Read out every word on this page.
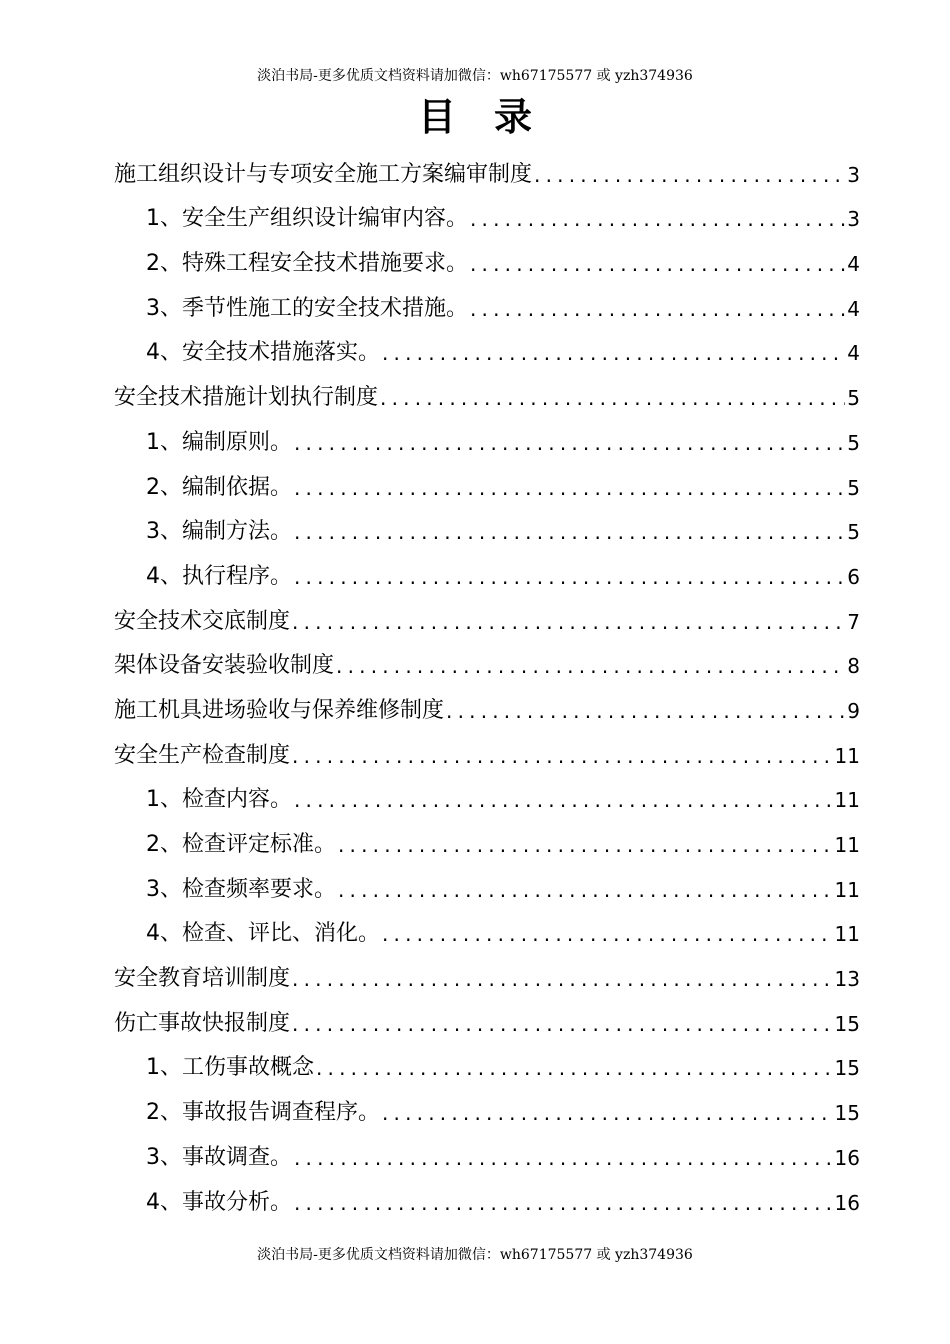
淡泊书局-更多优质文档资料请加微信：wh67175577 或 yzh374936
目录
施工组织设计与专项安全施工方案编审制度 .....	3
1、安全生产组织设计编审内容。 .....	3
2、特殊工程安全技术措施要求。 .....	4
3、季节性施工的安全技术措施。 .....	4
4、安全技术措施落实。 .....	4
安全技术措施计划执行制度 .....	5
1、编制原则。 .....	5
2、编制依据。 .....	5
3、编制方法。 .....	5
4、执行程序。 .....	6
安全技术交底制度 .....	7
架体设备安装验收制度 .....	8
施工机具进场验收与保养维修制度 .....	9
安全生产检查制度 .....	11
1、检查内容。 .....	11
2、检查评定标准。 .....	11
3、检查频率要求。 .....	11
4、检查、评比、消化。 .....	11
安全教育培训制度 .....	13
伤亡事故快报制度 .....	15
1、工伤事故概念 .....	15
2、事故报告调查程序。 .....	15
3、事故调查。 .....	16
4、事故分析。 .....	16
淡泊书局-更多优质文档资料请加微信：wh67175577 或 yzh374936
